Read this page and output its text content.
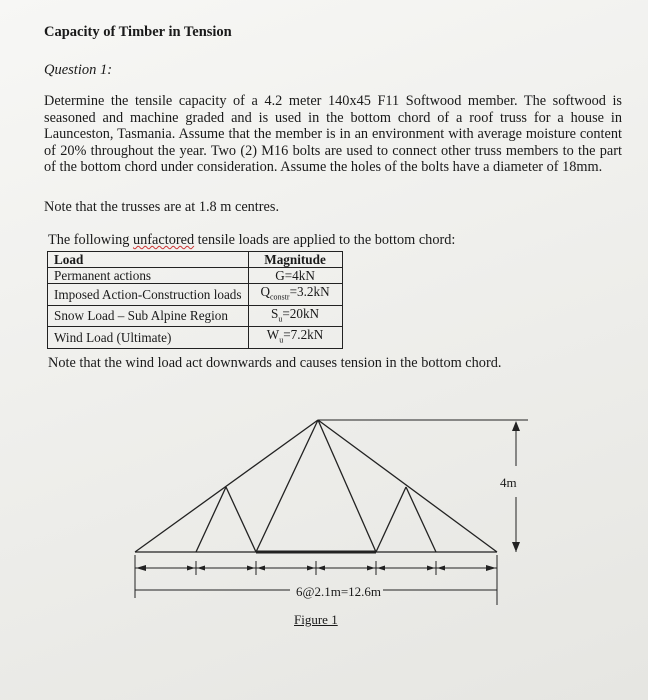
Capacity of Timber in Tension
Question 1:
Determine the tensile capacity of a 4.2 meter 140x45 F11 Softwood member. The softwood is seasoned and machine graded and is used in the bottom chord of a roof truss for a house in Launceston, Tasmania. Assume that the member is in an environment with average moisture content of 20% throughout the year. Two (2) M16 bolts are used to connect other truss members to the part of the bottom chord under consideration. Assume the holes of the bolts have a diameter of 18mm.
Note that the trusses are at 1.8 m centres.
The following unfactored tensile loads are applied to the bottom chord:
Load	Magnitude
Permanent actions	G=4kN
Imposed Action-Construction loads	$Q_{constr}=3.2kN$
Snow Load – Sub Alpine Region	$S_u=20kN$
Wind Load (Ultimate)	$W_u=7.2kN$
Note that the wind load act downwards and causes tension in the bottom chord.
4m
6@2.1m=12.6m
Figure 1
